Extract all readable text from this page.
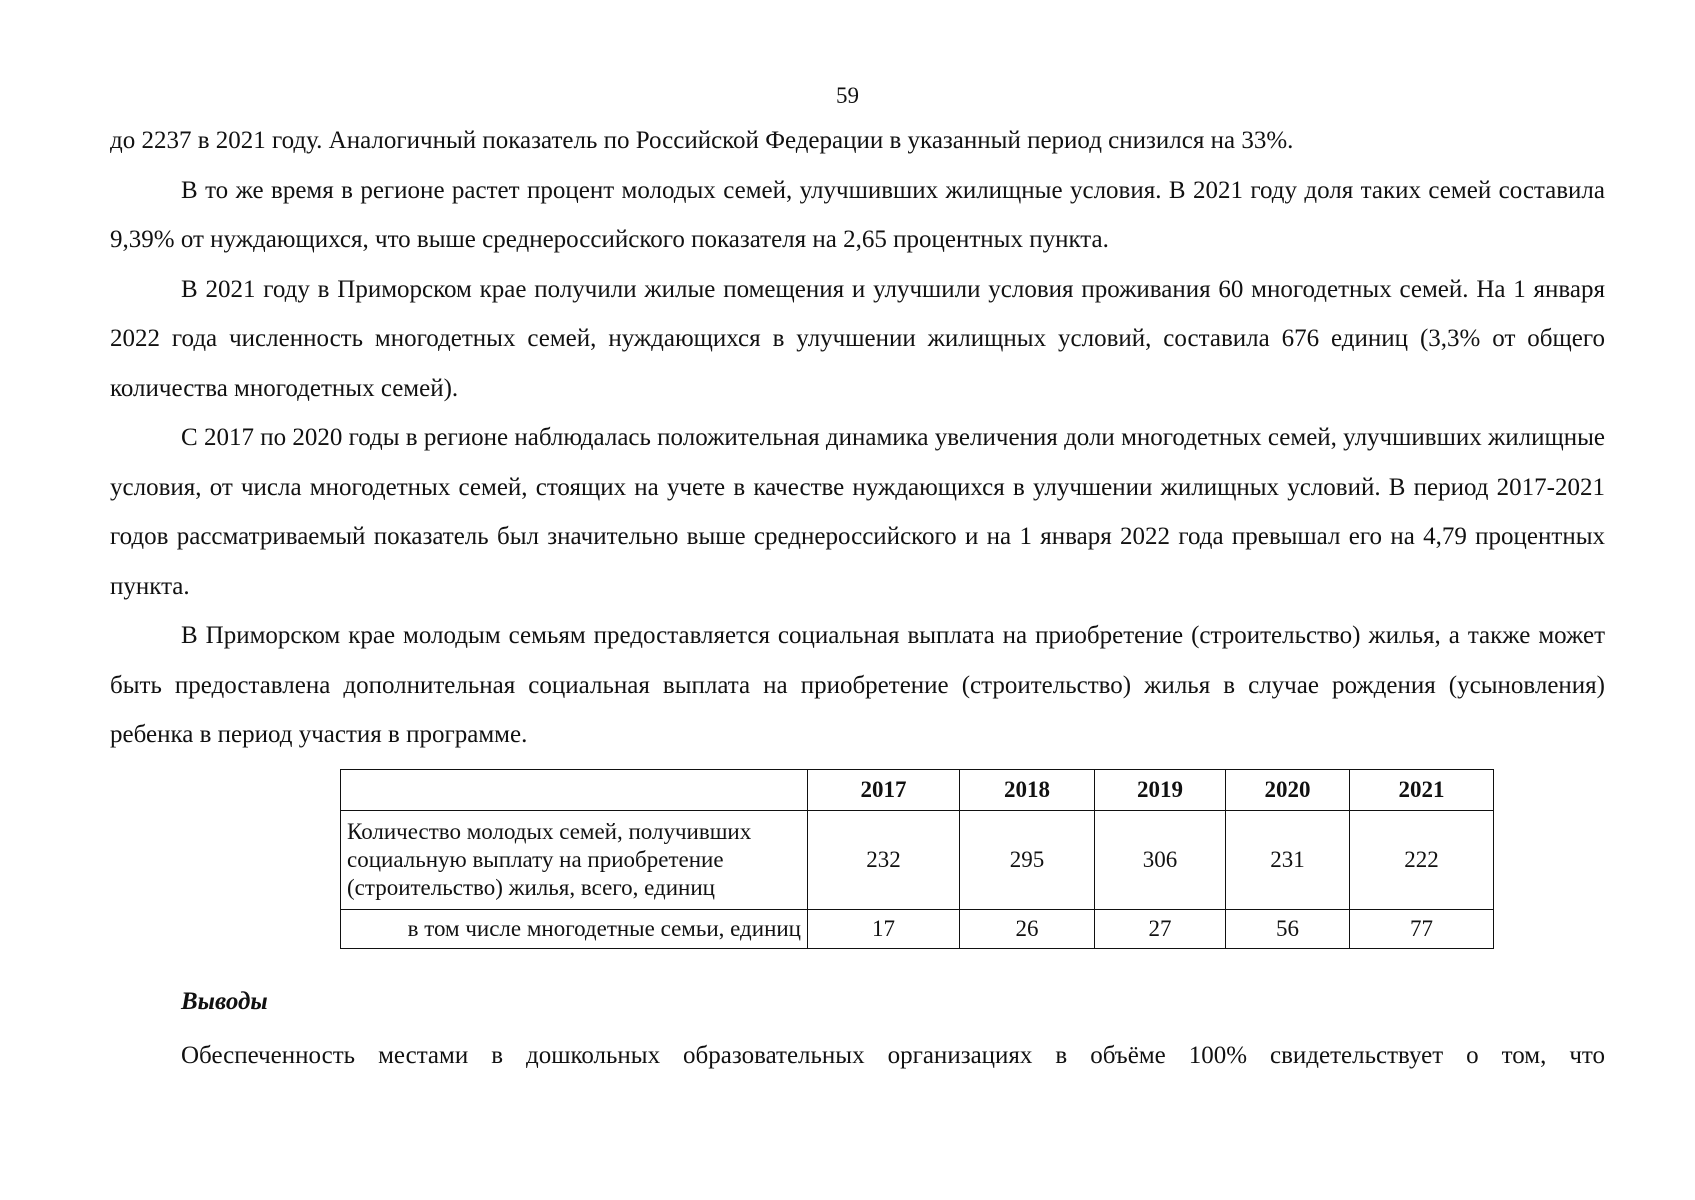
59

до 2237 в 2021 году. Аналогичный показатель по Российской Федерации в указанный период снизился на 33%.

В то же время в регионе растет процент молодых семей, улучшивших жилищные условия. В 2021 году доля таких семей составила 9,39% от нуждающихся, что выше среднероссийского показателя на 2,65 процентных пункта.

В 2021 году в Приморском крае получили жилые помещения и улучшили условия проживания 60 многодетных семей. На 1 января 2022 года численность многодетных семей, нуждающихся в улучшении жилищных условий, составила 676 единиц (3,3% от общего количества многодетных семей).

С 2017 по 2020 годы в регионе наблюдалась положительная динамика увеличения доли многодетных семей, улучшивших жилищные условия, от числа многодетных семей, стоящих на учете в качестве нуждающихся в улучшении жилищных условий. В период 2017-2021 годов рассматриваемый показатель был значительно выше среднероссийского и на 1 января 2022 года превышал его на 4,79 процентных пункта.

В Приморском крае молодым семьям предоставляется социальная выплата на приобретение (строительство) жилья, а также может быть предоставлена дополнительная социальная выплата на приобретение (строительство) жилья в случае рождения (усыновления) ребенка в период участия в программе.

	2017	2018	2019	2020	2021
Количество молодых семей, получивших социальную выплату на приобретение (строительство) жилья, всего, единиц	232	295	306	231	222
в том числе многодетные семьи, единиц	17	26	27	56	77
Выводы
Обеспеченность местами в дошкольных образовательных организациях в объёме 100% свидетельствует о том, что
